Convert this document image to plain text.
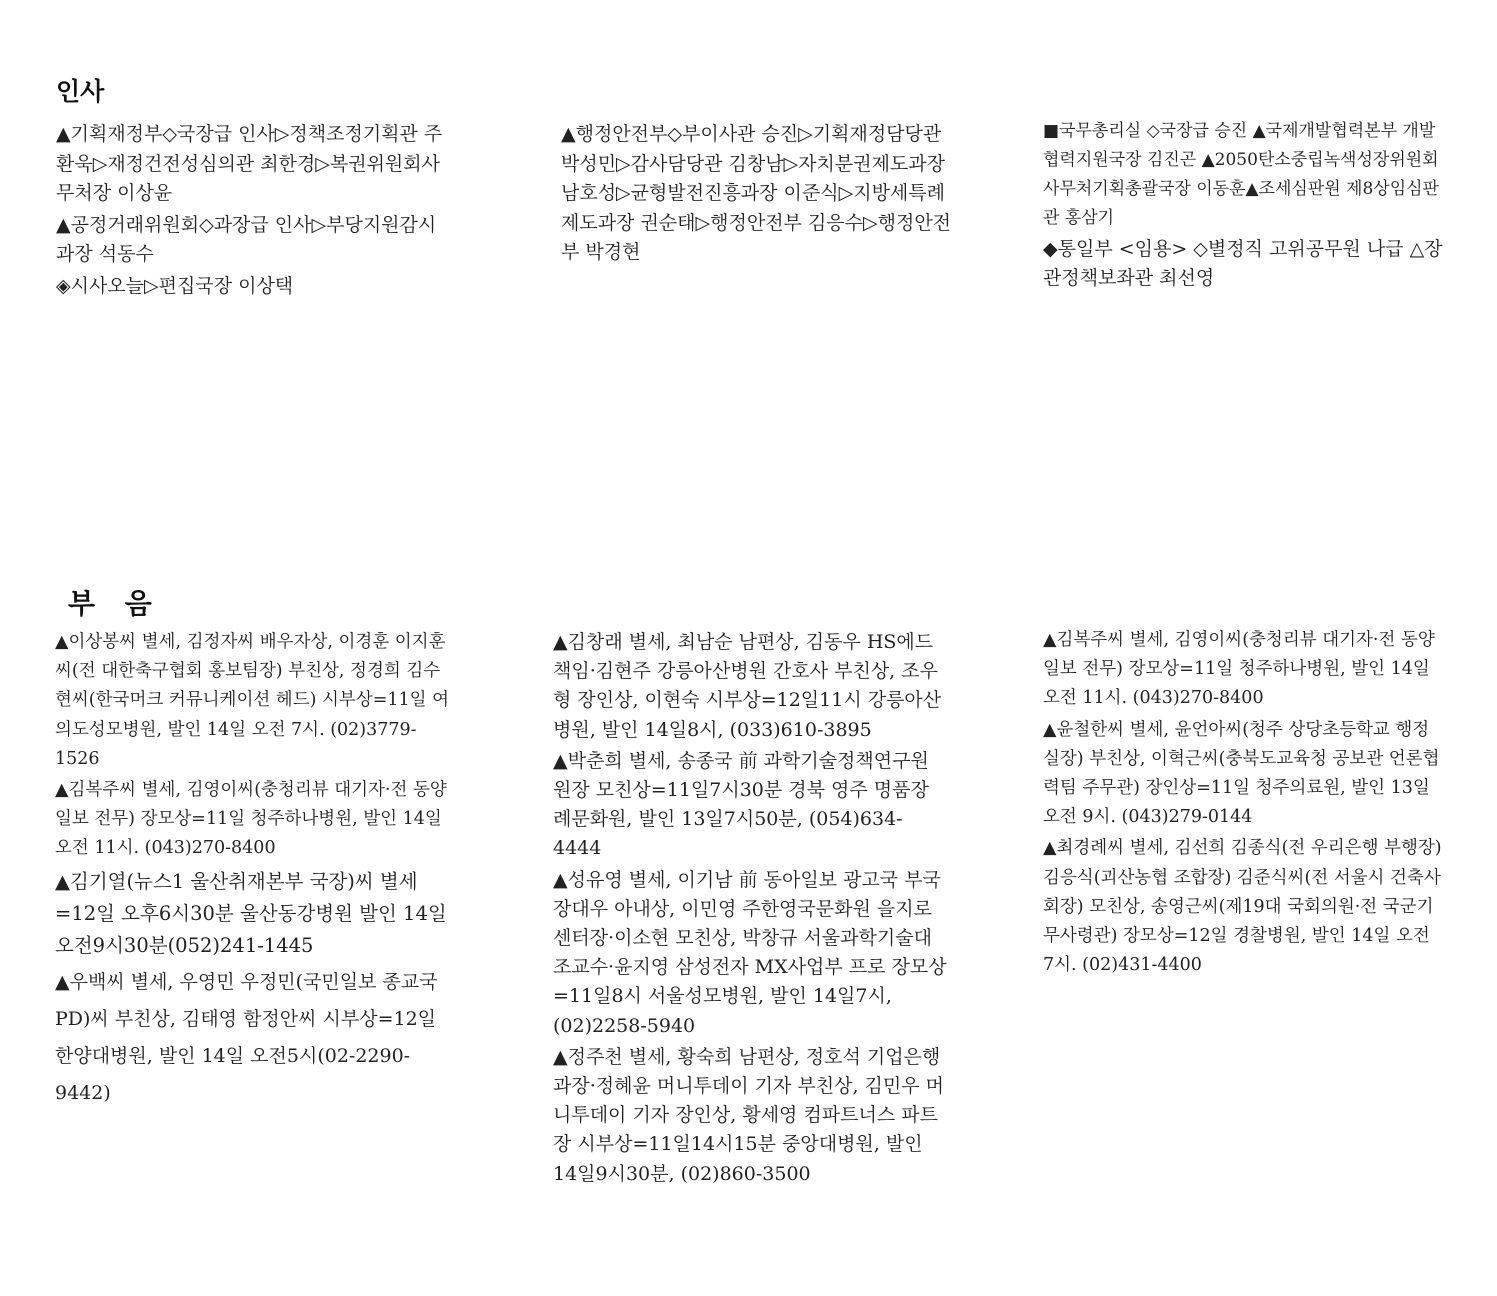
인사

▲기획재정부◇국장급 인사▷정책조정기획관 주환욱▷재정건전성심의관 최한경▷복권위원회사무처장 이상윤

▲공정거래위원회◇과장급 인사▷부당지원감시과장 석동수

◈시사오늘▷편집국장 이상택

▲행정안전부◇부이사관 승진▷기획재정담당관 박성민▷감사담당관 김창남▷자치분권제도과장 남호성▷균형발전진흥과장 이준식▷지방세특례제도과장 권순태▷행정안전부 김응수▷행정안전부 박경현

■국무총리실 ◇국장급 승진 ▲국제개발협력본부 개발협력지원국장 김진곤 ▲2050탄소중립녹색성장위원회사무처기획총괄국장 이동훈▲조세심판원 제8상임심판관 홍삼기

◆통일부 <임용> ◇별정직 고위공무원 나급 △장관정책보좌관 최선영

부 음

▲이상봉씨 별세, 김정자씨 배우자상, 이경훈 이지훈씨(전 대한축구협회 홍보팀장) 부친상, 정경희 김수현씨(한국머크 커뮤니케이션 헤드) 시부상=11일 여의도성모병원, 발인 14일 오전 7시. (02)3779-1526

▲김복주씨 별세, 김영이씨(충청리뷰 대기자·전 동양일보 전무) 장모상=11일 청주하나병원, 발인 14일 오전 11시. (043)270-8400

▲김기열(뉴스1 울산취재본부 국장)씨 별세=12일 오후6시30분 울산동강병원 발인 14일 오전9시30분(052)241-1445

▲우백씨 별세, 우영민 우정민(국민일보 종교국 PD)씨 부친상, 김태영 함정안씨 시부상=12일 한양대병원, 발인 14일 오전5시(02-2290-9442)

▲김창래 별세, 최남순 남편상, 김동우 HS에드 책임·김현주 강릉아산병원 간호사 부친상, 조우형 장인상, 이현숙 시부상=12일11시 강릉아산병원, 발인 14일8시, (033)610-3895

▲박춘희 별세, 송종국 前 과학기술정책연구원 원장 모친상=11일7시30분 경북 영주 명품장례문화원, 발인 13일7시50분, (054)634-4444

▲성유영 별세, 이기남 前 동아일보 광고국 부국장대우 아내상, 이민영 주한영국문화원 을지로센터장·이소현 모친상, 박창규 서울과학기술대 조교수·윤지영 삼성전자 MX사업부 프로 장모상=11일8시 서울성모병원, 발인 14일7시, (02)2258-5940

▲정주천 별세, 황숙희 남편상, 정호석 기업은행 과장·정혜윤 머니투데이 기자 부친상, 김민우 머니투데이 기자 장인상, 황세영 컴파트너스 파트장 시부상=11일14시15분 중앙대병원, 발인 14일9시30분, (02)860-3500

▲김복주씨 별세, 김영이씨(충청리뷰 대기자·전 동양일보 전무) 장모상=11일 청주하나병원, 발인 14일 오전 11시. (043)270-8400

▲윤철한씨 별세, 윤언아씨(청주 상당초등학교 행정실장) 부친상, 이혁근씨(충북도교육청 공보관 언론협력팀 주무관) 장인상=11일 청주의료원, 발인 13일 오전 9시. (043)279-0144

▲최경례씨 별세, 김선희 김종식(전 우리은행 부행장) 김응식(괴산농협 조합장) 김준식씨(전 서울시 건축사회장) 모친상, 송영근씨(제19대 국회의원·전 국군기무사령관) 장모상=12일 경찰병원, 발인 14일 오전 7시. (02)431-4400
